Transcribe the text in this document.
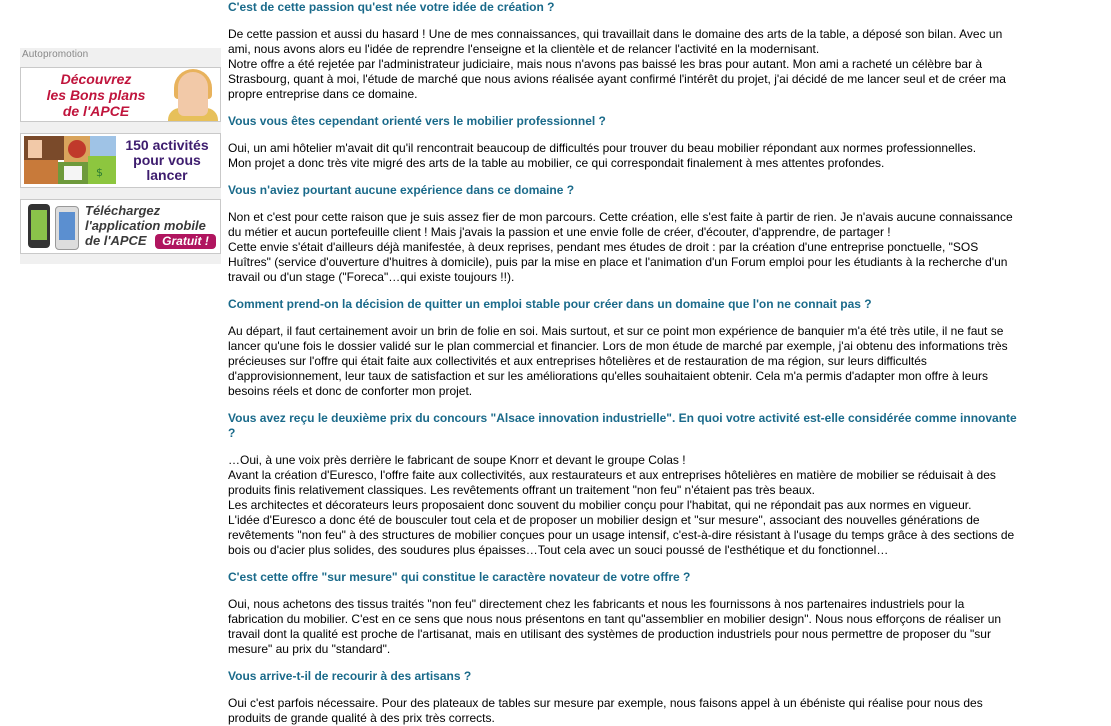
Autopromotion
Découvrez
les Bons plans
de l'APCE
$
150 activités
pour vous
lancer
Téléchargez
l'application mobile
de l'APCE	Gratuit !

C'est de cette passion qu'est née votre idée de création ?

De cette passion et aussi du hasard ! Une de mes connaissances, qui travaillait dans le domaine des arts de la table, a déposé son bilan. Avec un ami, nous avons alors eu l'idée de reprendre l'enseigne et la clientèle et de relancer l'activité en la modernisant.
Notre offre a été rejetée par l'administrateur judiciaire, mais nous n'avons pas baissé les bras pour autant. Mon ami a racheté un célèbre bar à Strasbourg, quant à moi, l'étude de marché que nous avions réalisée ayant confirmé l'intérêt du projet, j'ai décidé de me lancer seul et de créer ma propre entreprise dans ce domaine.

Vous vous êtes cependant orienté vers le mobilier professionnel ?

Oui, un ami hôtelier m'avait dit qu'il rencontrait beaucoup de difficultés pour trouver du beau mobilier répondant aux normes professionnelles.
Mon projet a donc très vite migré des arts de la table au mobilier, ce qui correspondait finalement à mes attentes profondes.

Vous n'aviez pourtant aucune expérience dans ce domaine ?

Non et c'est pour cette raison que je suis assez fier de mon parcours. Cette création, elle s'est faite à partir de rien. Je n'avais aucune connaissance du métier et aucun portefeuille client ! Mais j'avais la passion et une envie folle de créer, d'écouter, d'apprendre, de partager !
Cette envie s'était d'ailleurs déjà manifestée, à deux reprises, pendant mes études de droit : par la création d'une entreprise ponctuelle, "SOS Huîtres" (service d'ouverture d'huitres à domicile), puis par la mise en place et l'animation d'un Forum emploi pour les étudiants à la recherche d'un travail ou d'un stage ("Foreca"…qui existe toujours !!).

Comment prend-on la décision de quitter un emploi stable pour créer dans un domaine que l'on ne connait pas ?

Au départ, il faut certainement avoir un brin de folie en soi. Mais surtout, et sur ce point mon expérience de banquier m'a été très utile, il ne faut se lancer qu'une fois le dossier validé sur le plan commercial et financier. Lors de mon étude de marché par exemple, j'ai obtenu des informations très précieuses sur l'offre qui était faite aux collectivités et aux entreprises hôtelières et de restauration de ma région, sur leurs difficultés d'approvisionnement, leur taux de satisfaction et sur les améliorations qu'elles souhaitaient obtenir. Cela m'a permis d'adapter mon offre à leurs besoins réels et donc de conforter mon projet.

Vous avez reçu le deuxième prix du concours "Alsace innovation industrielle". En quoi votre activité est-elle considérée comme innovante ?

…Oui, à une voix près derrière le fabricant de soupe Knorr et devant le groupe Colas !
Avant la création d'Euresco, l'offre faite aux collectivités, aux restaurateurs et aux entreprises hôtelières en matière de mobilier se réduisait à des produits finis relativement classiques. Les revêtements offrant un traitement "non feu" n'étaient pas très beaux.
Les architectes et décorateurs leurs proposaient donc souvent du mobilier conçu pour l'habitat, qui ne répondait pas aux normes en vigueur.
L'idée d'Euresco a donc été de bousculer tout cela et de proposer un mobilier design et "sur mesure", associant des nouvelles générations de revêtements "non feu" à des structures de mobilier conçues pour un usage intensif, c'est-à-dire résistant à l'usage du temps grâce à des sections de bois ou d'acier plus solides, des soudures plus épaisses…Tout cela avec un souci poussé de l'esthétique et du fonctionnel…

C'est cette offre "sur mesure" qui constitue le caractère novateur de votre offre ?

Oui, nous achetons des tissus traités "non feu" directement chez les fabricants et nous les fournissons à nos partenaires industriels pour la fabrication du mobilier. C'est en ce sens que nous nous présentons en tant qu"assemblier en mobilier design". Nous nous efforçons de réaliser un travail dont la qualité est proche de l'artisanat, mais en utilisant des systèmes de production industriels pour nous permettre de proposer du "sur mesure" au prix du "standard".

Vous arrive-t-il de recourir à des artisans ?

Oui c'est parfois nécessaire. Pour des plateaux de tables sur mesure par exemple, nous faisons appel à un ébéniste qui réalise pour nous des produits de grande qualité à des prix très corrects.
